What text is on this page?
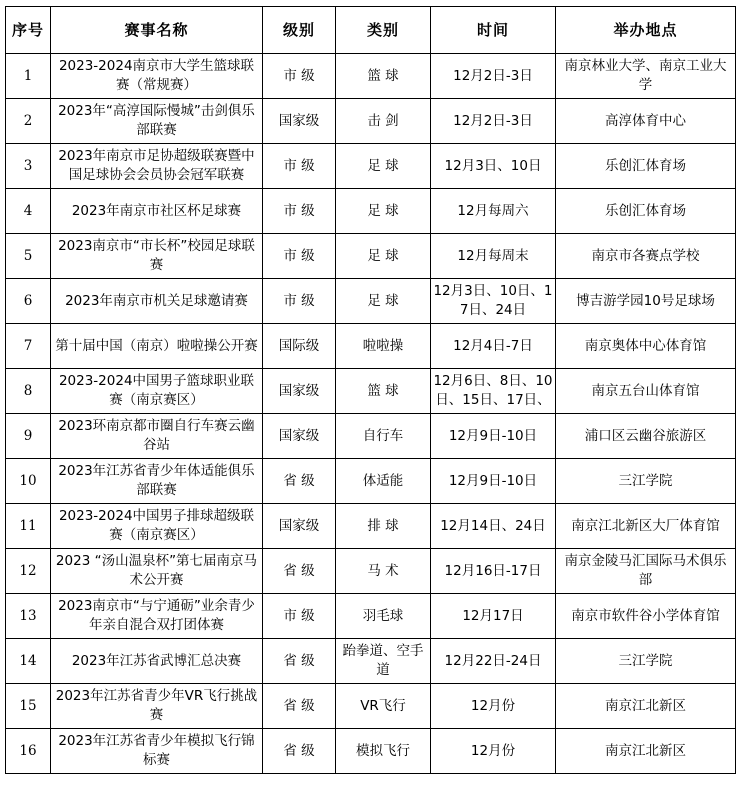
序号	赛事名称	级别	类别	时间	举办地点
1	2023-2024南京市大学生篮球联赛（常规赛）	市 级	篮 球	12月2日-3日	南京林业大学、南京工业大学
2	2023年“高淳国际慢城”击剑俱乐部联赛	国家级	击 剑	12月2日-3日	高淳体育中心
3	2023年南京市足协超级联赛暨中国足球协会会员协会冠军联赛	市 级	足 球	12月3日、10日	乐创汇体育场
4	2023年南京市社区杯足球赛	市 级	足 球	12月每周六	乐创汇体育场
5	2023南京市“市长杯”校园足球联赛	市 级	足 球	12月每周末	南京市各赛点学校
6	2023年南京市机关足球邀请赛	市 级	足 球	12月3日、10日、17日、24日	博吉游学园10号足球场
7	第十届中国（南京）啦啦操公开赛	国际级	啦啦操	12月4日-7日	南京奥体中心体育馆
8	2023-2024中国男子篮球职业联赛（南京赛区）	国家级	篮 球	12月6日、8日、10日、15日、17日、	南京五台山体育馆
9	2023环南京都市圈自行车赛云幽谷站	国家级	自行车	12月9日-10日	浦口区云幽谷旅游区
10	2023年江苏省青少年体适能俱乐部联赛	省 级	体适能	12月9日-10日	三江学院
11	2023-2024中国男子排球超级联赛（南京赛区）	国家级	排 球	12月14日、24日	南京江北新区大厂体育馆
12	2023 “汤山温泉杯”第七届南京马术公开赛	省 级	马 术	12月16日-17日	南京金陵马汇国际马术俱乐部
13	2023南京市“与宁通砺”业余青少年亲自混合双打团体赛	市 级	羽毛球	12月17日	南京市软件谷小学体育馆
14	2023年江苏省武博汇总决赛	省 级	跆拳道、空手道	12月22日-24日	三江学院
15	2023年江苏省青少年VR飞行挑战赛	省 级	VR飞行	12月份	南京江北新区
16	2023年江苏省青少年模拟飞行锦标赛	省 级	模拟飞行	12月份	南京江北新区
